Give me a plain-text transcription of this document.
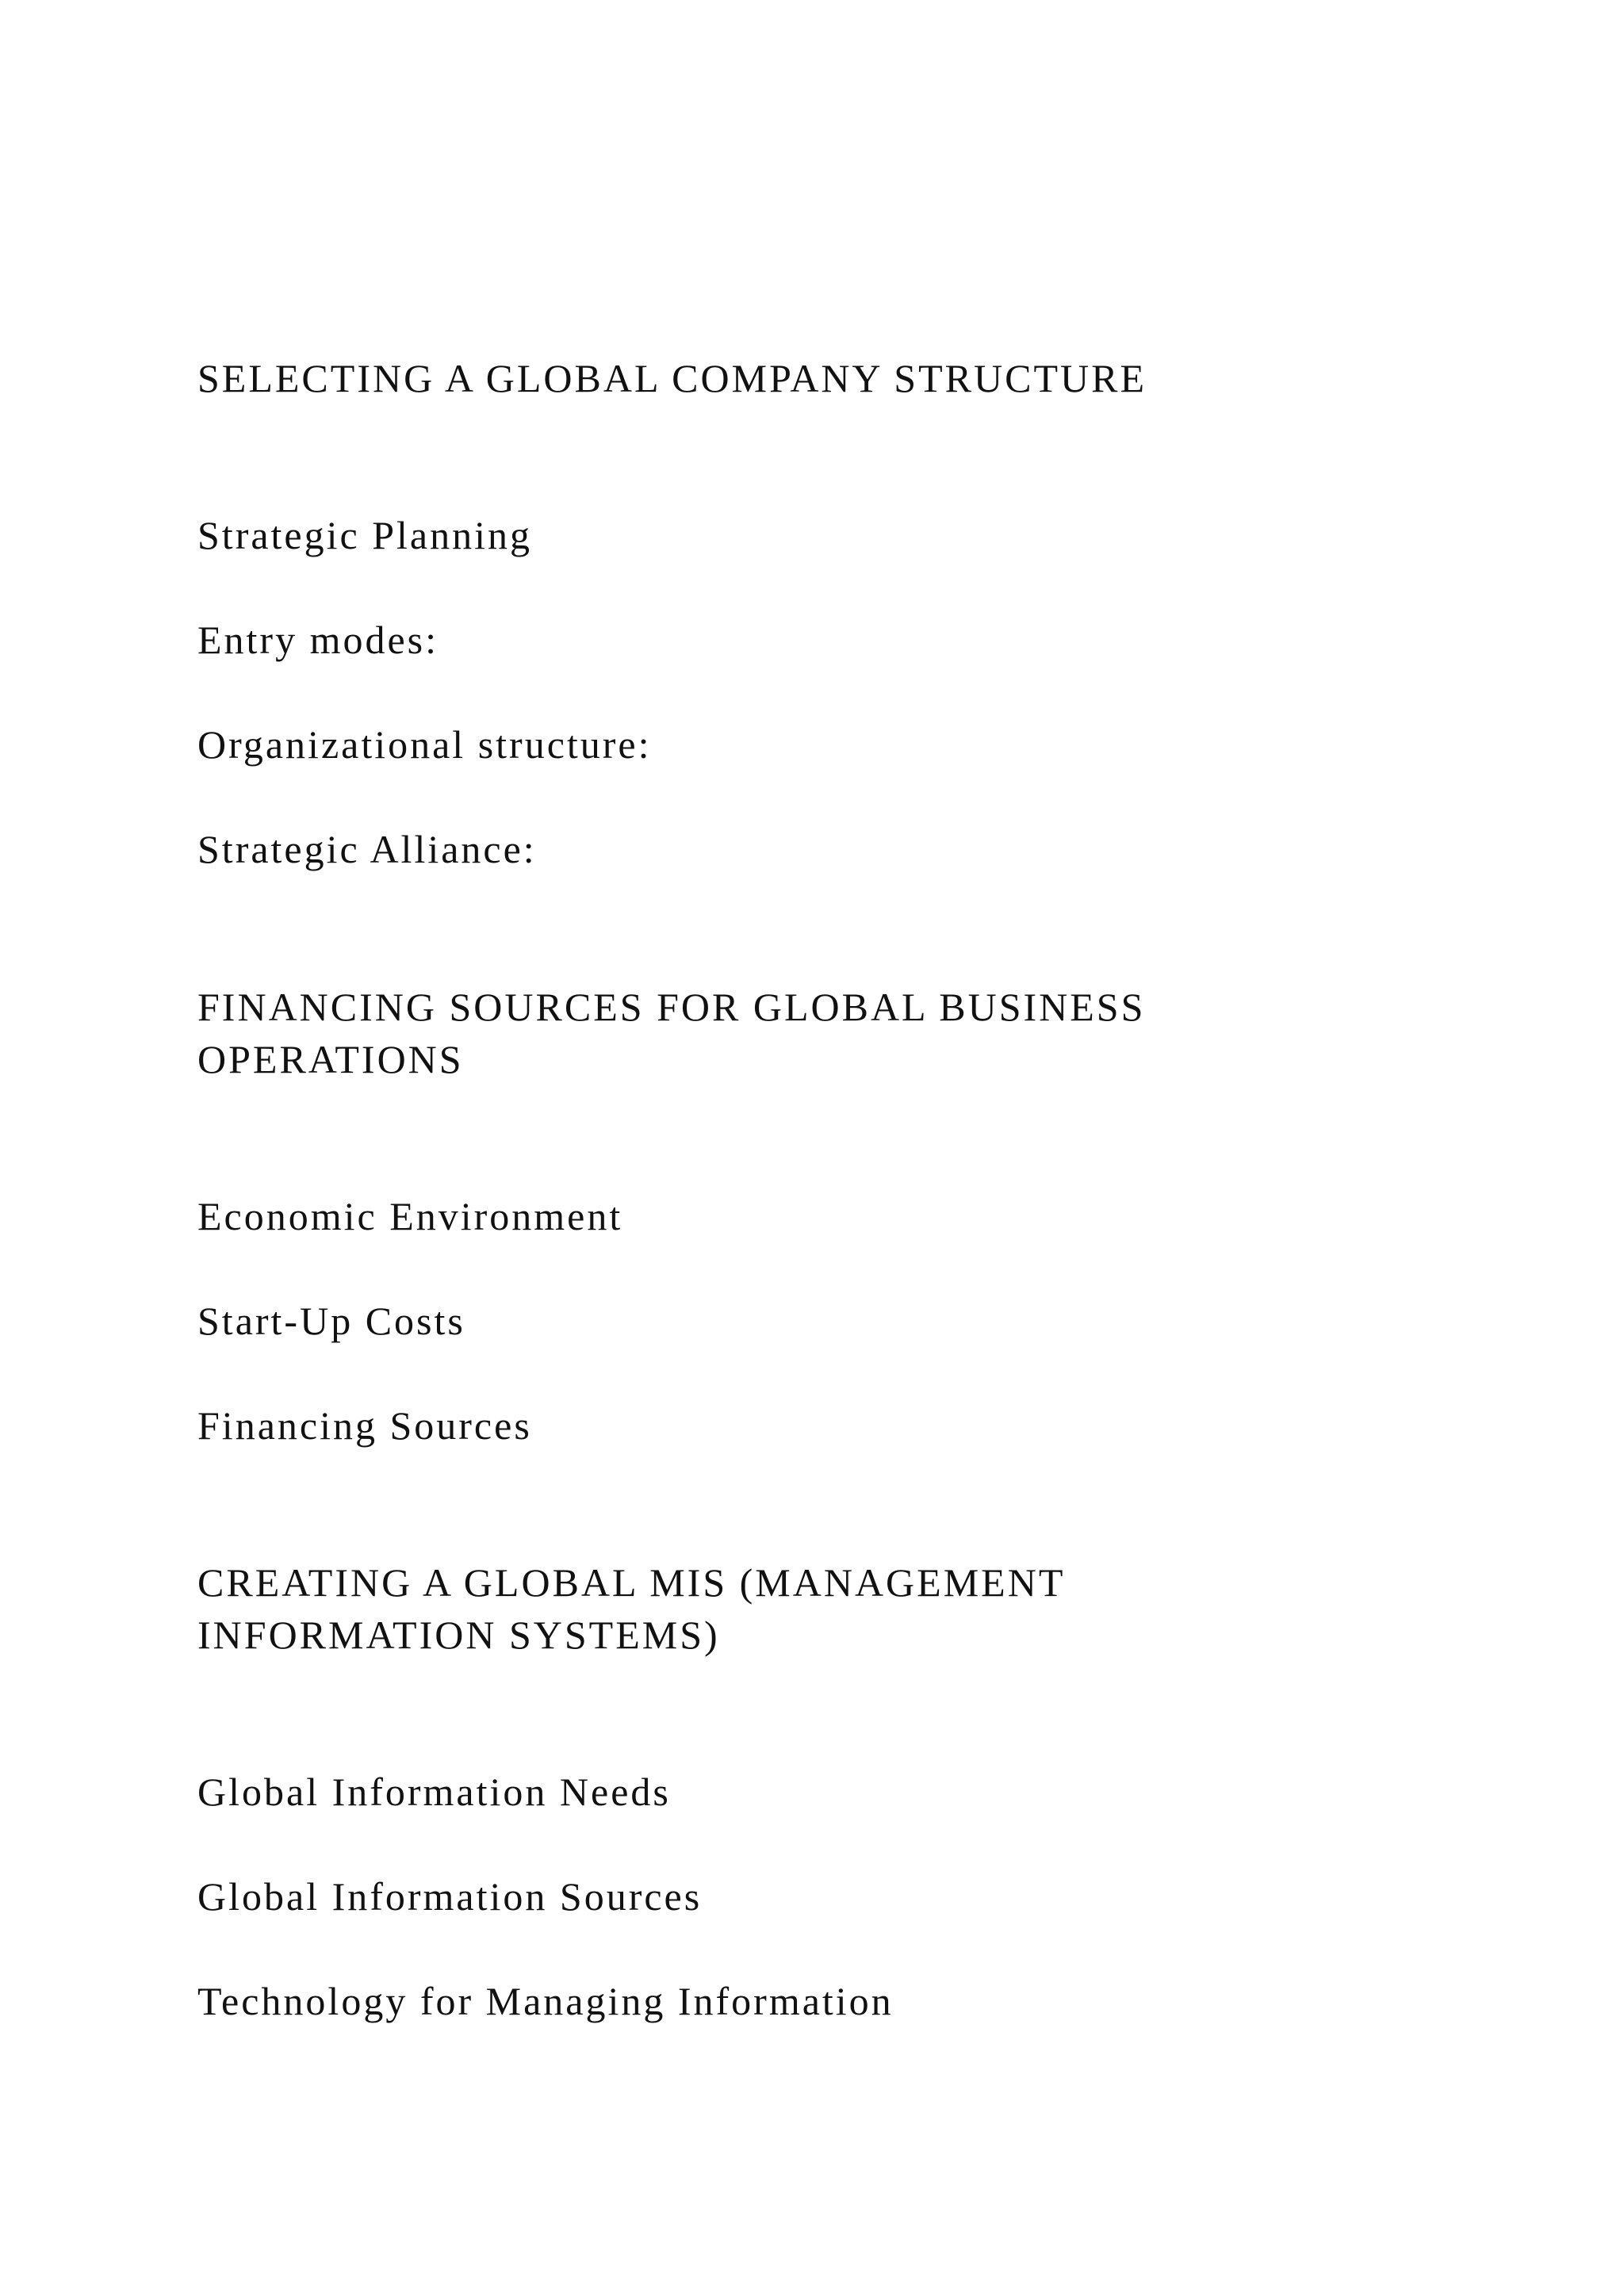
SELECTING A GLOBAL COMPANY STRUCTURE

Strategic Planning

Entry modes:

Organizational structure:

Strategic Alliance:

FINANCING SOURCES FOR GLOBAL BUSINESS
OPERATIONS

Economic Environment

Start-Up Costs

Financing Sources

CREATING A GLOBAL MIS (MANAGEMENT
INFORMATION SYSTEMS)

Global Information Needs

Global Information Sources

Technology for Managing Information
